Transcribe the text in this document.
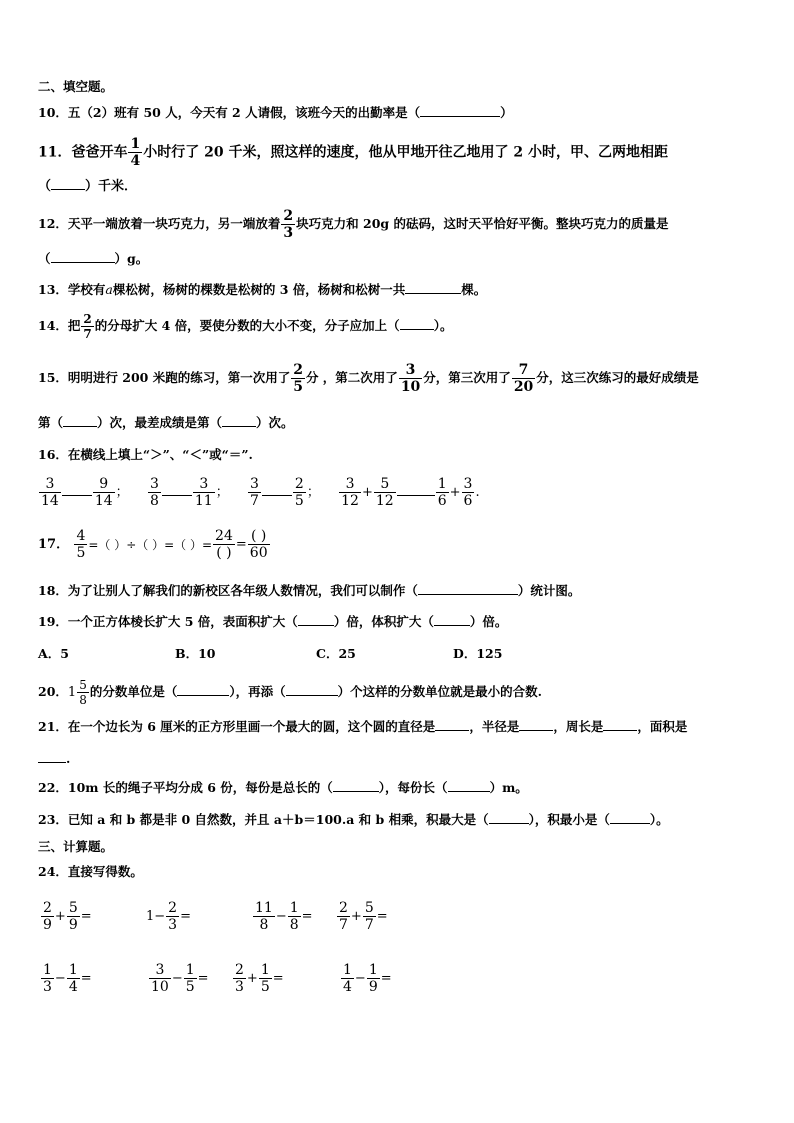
二、填空题。
10．五（2）班有 50 人，今天有 2 人请假，该班今天的出勤率是（	）
11．爸爸开车 $\frac{1}{4}$ 小时行了 20 千米，照这样的速度，他从甲地开往乙地用了 2 小时，甲、乙两地相距
（	）千米．
12．天平一端放着一块巧克力，另一端放着 $\frac{2}{3}$ 块巧克力和 20g 的砝码，这时天平恰好平衡。整块巧克力的质量是
（	）g。
13．学校有a棵松树，杨树的棵数是松树的 3 倍，杨树和松树一共	棵。
14．把 $\frac{2}{7}$ 的分母扩大 4 倍，要使分数的大小不变，分子应加上（	）。
15．明明进行 200 米跑的练习，第一次用了 $\frac{2}{5}$ 分 ，第二次用了 $\frac{3}{10}$ 分，第三次用了 $\frac{7}{20}$ 分，这三次练习的最好成绩是
第（	）次，最差成绩是第（	）次。
16．在横线上填上“＞”、“＜”或“＝”.
$\frac{3}{14} \frac{9}{14}$ ； $\frac{3}{8} \frac{3}{11}$ ； $\frac{3}{7} \frac{2}{5}$ ； $\frac{3}{12} + \frac{5}{12}$	$\frac{1}{6} + \frac{3}{6}$ .
17． $\frac{4}{5}$ =（ ）÷（ ）=（ ）=
24
( )
= ( )
60
18．为了让别人了解我们的新校区各年级人数情况，我们可以制作（	）统计图。
19．一个正方体棱长扩大 5 倍，表面积扩大（	）倍，体积扩大（	）倍。
A．5	B．10	C．25	D．125
20．$1 \frac{5}{8}$ 的分数单位是（	），再添（	）个这样的分数单位就是最小的合数.
21．在一个边长为 6 厘米的正方形里画一个最大的圆，这个圆的直径是	，半径是	，周长是	，面积是
.
22．10m 长的绳子平均分成 6 份，每份是总长的（	），每份长（	）m。
23．已知 a 和 b 都是非 0 自然数，并且 a＋b＝100.a 和 b 相乘，积最大是（	），积最小是（	）。
三、计算题。
24．直接写得数。
$\frac{2}{9} + \frac{5}{9}$ =	$1- \frac{2}{3}$ =	$\frac{11}{8} - \frac{1}{8} = \frac{2}{7} + \frac{5}{7}$ =
$\frac{1}{3} - \frac{1}{4}$ =	$\frac{3}{10} - \frac{1}{5} = \frac{2}{3} + \frac{1}{5}$ =	$\frac{1}{4} - \frac{1}{9}$ =
